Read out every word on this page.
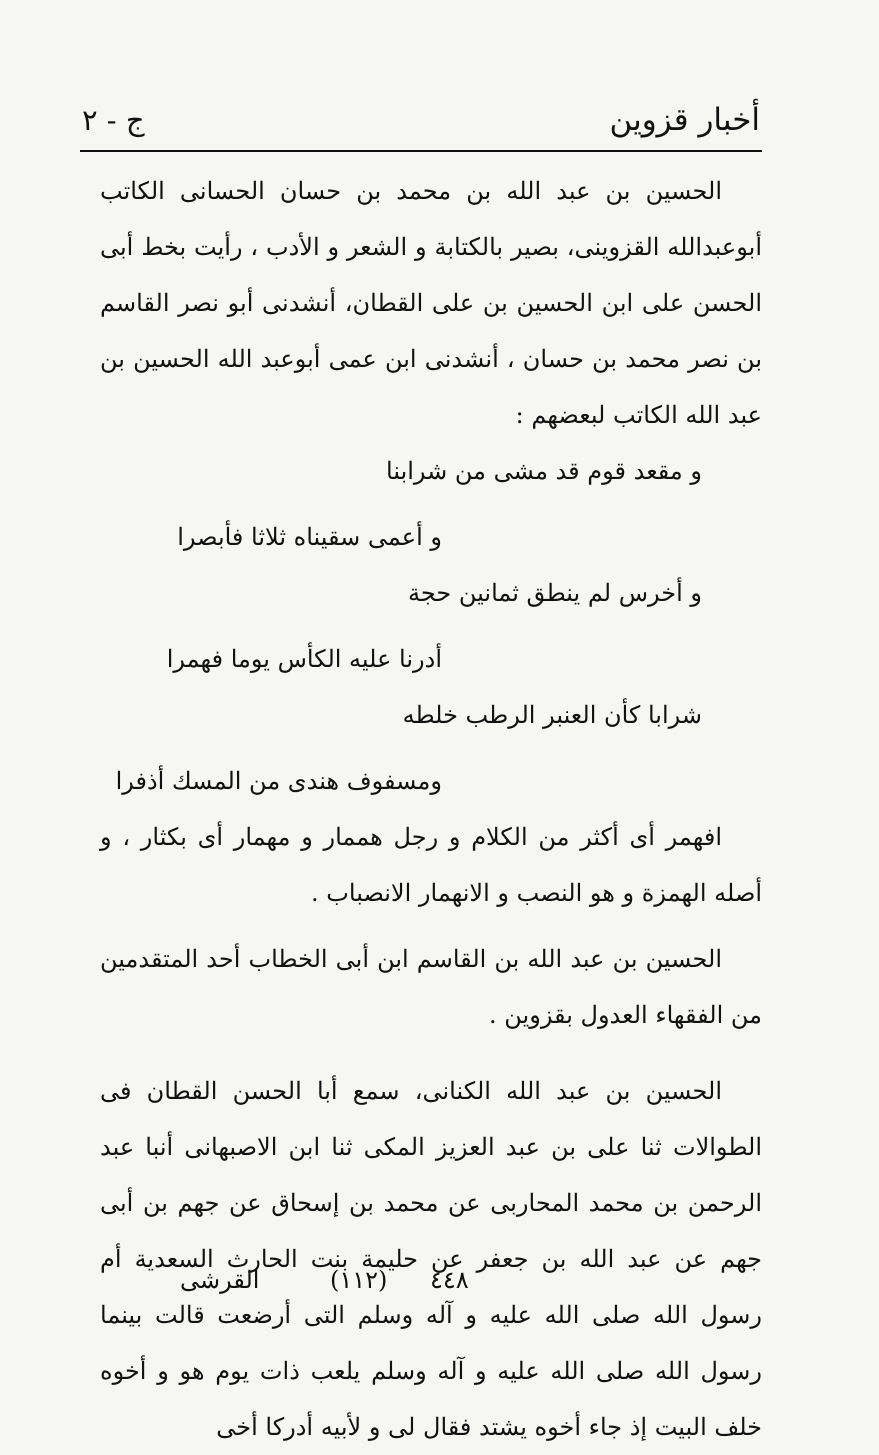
أخبار قزوين
ج - ٢

الحسين بن عبد الله بن محمد بن حسان الحسانى الكاتب أبوعبدالله القزوينى، بصير بالكتابة و الشعر و الأدب ، رأيت بخط أبى الحسن على ابن الحسين بن على القطان، أنشدنى أبو نصر القاسم بن نصر محمد بن حسان ، أنشدنى ابن عمى أبوعبد الله الحسين بن عبد الله الكاتب لبعضهم :

و مقعد قوم قد مشى من شرابنا
و أعمى سقيناه ثلاثا فأبصرا
و أخرس لم ينطق ثمانين حجة
أدرنا عليه الكأس يوما فهمرا
شرابا كأن العنبر الرطب خلطه
ومسفوف هندى من المسك أذفرا

افهمر أى أكثر من الكلام و رجل هممار و مهمار أى بكثار ، و أصله الهمزة و هو النصب و الانهمار الانصباب .

الحسين بن عبد الله بن القاسم ابن أبى الخطاب أحد المتقدمين من الفقهاء العدول بقزوين .

الحسين بن عبد الله الكنانى، سمع أبا الحسن القطان فى الطوالات ثنا على بن عبد العزيز المكى ثنا ابن الاصبهانى أنبا عبد الرحمن بن محمد المحاربى عن محمد بن إسحاق عن جهم بن أبى جهم عن عبد الله بن جعفر عن حليمة بنت الحارث السعدية أم رسول الله صلى الله عليه و آله وسلم التى أرضعت قالت بينما رسول الله صلى الله عليه و آله وسلم يلعب ذات يوم هو و أخوه خلف البيت إذ جاء أخوه يشتد فقال لى و لأبيه أدركا أخى

٤٤٨
(١١٢)
القرشى
